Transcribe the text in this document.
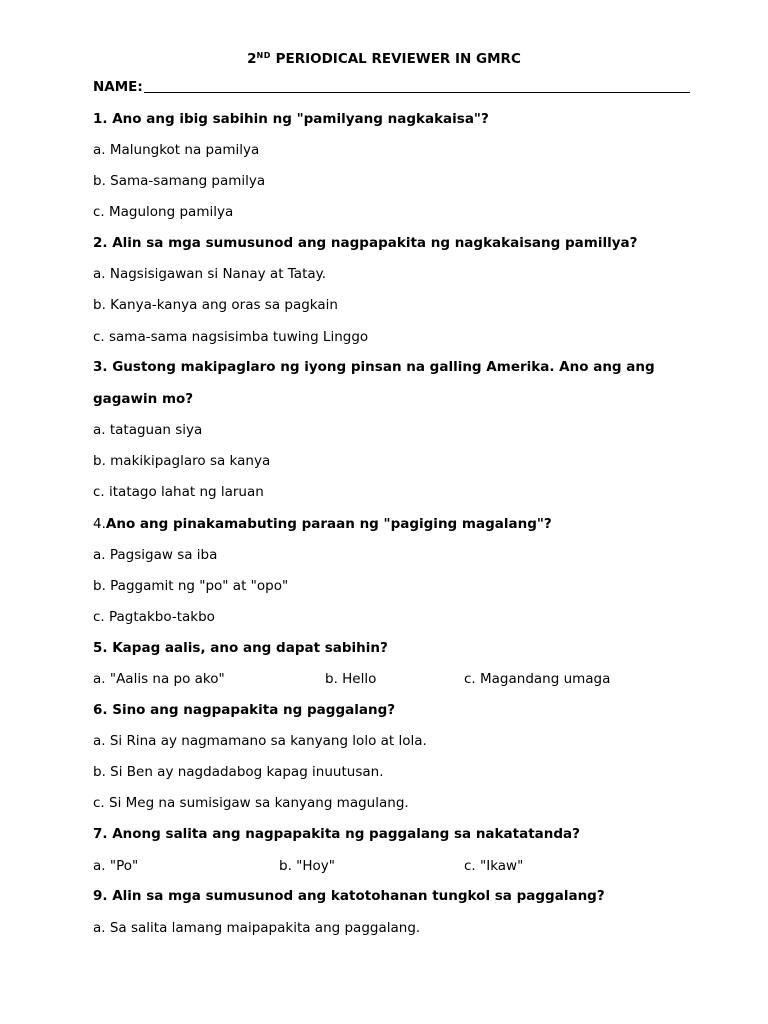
2ND PERIODICAL REVIEWER IN GMRC
NAME:
1. Ano ang ibig sabihin ng "pamilyang nagkakaisa"?
a. Malungkot na pamilya
b. Sama-samang pamilya
c. Magulong pamilya
2. Alin sa mga sumusunod ang nagpapakita ng nagkakaisang pamillya?
a. Nagsisigawan si Nanay at Tatay.
b. Kanya-kanya ang oras sa pagkain
c. sama-sama nagsisimba tuwing Linggo
3. Gustong makipaglaro ng iyong pinsan na galling Amerika. Ano ang ang
gagawin mo?
a. tataguan siya
b. makikipaglaro sa kanya
c. itatago lahat ng laruan
4.Ano ang pinakamabuting paraan ng "pagiging magalang"?
a. Pagsigaw sa iba
b. Paggamit ng "po" at "opo"
c. Pagtakbo-takbo
5. Kapag aalis, ano ang dapat sabihin?
a. "Aalis na po ako"	b. Hello	c. Magandang umaga
6. Sino ang nagpapakita ng paggalang?
a. Si Rina ay nagmamano sa kanyang lolo at lola.
b. Si Ben ay nagdadabog kapag inuutusan.
c. Si Meg na sumisigaw sa kanyang magulang.
7. Anong salita ang nagpapakita ng paggalang sa nakatatanda?
a. "Po"	b. "Hoy"	c. "Ikaw"
9. Alin sa mga sumusunod ang katotohanan tungkol sa paggalang?
a. Sa salita lamang maipapakita ang paggalang.
